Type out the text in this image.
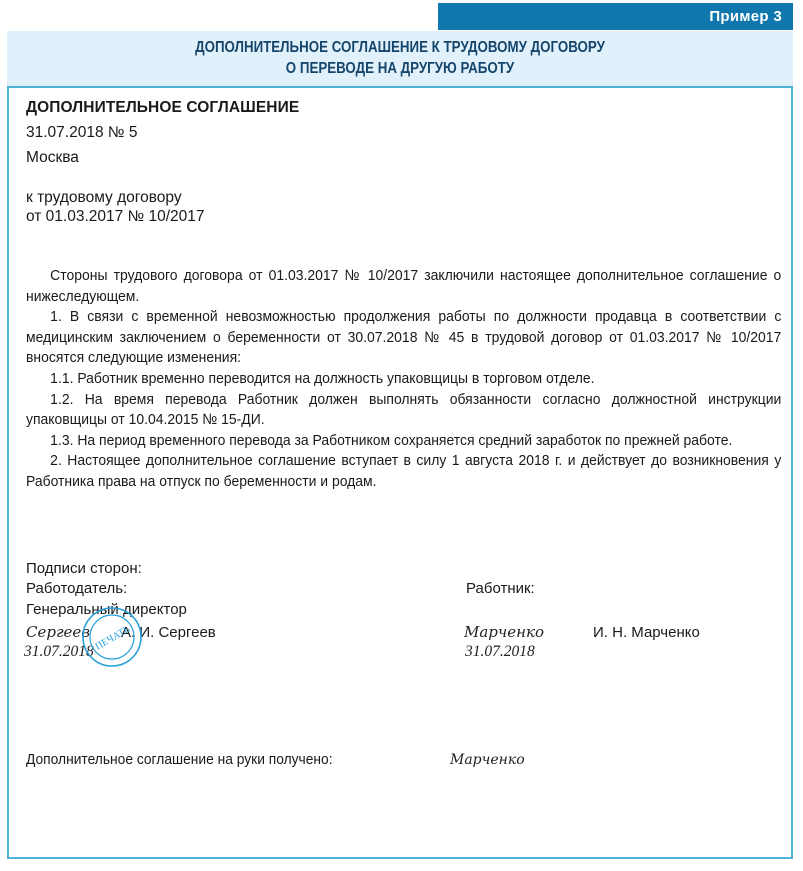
Пример 3
ДОПОЛНИТЕЛЬНОЕ СОГЛАШЕНИЕ К ТРУДОВОМУ ДОГОВОРУ
О ПЕРЕВОДЕ НА ДРУГУЮ РАБОТУ
ДОПОЛНИТЕЛЬНОЕ СОГЛАШЕНИЕ
31.07.2018 № 5
Москва
к трудовому договору
от 01.03.2017 № 10/2017

Стороны трудового договора от 01.03.2017 № 10/2017 заключили настоящее дополнительное соглашение о нижеследующем.

1. В связи с временной невозможностью продолжения работы по должности продавца в соответствии с медицинским заключением о беременности от 30.07.2018 № 45 в трудовой договор от 01.03.2017 № 10/2017 вносятся следующие изменения:

1.1. Работник временно переводится на должность упаковщицы в торговом отделе.

1.2. На время перевода Работник должен выполнять обязанности согласно должностной инструкции упаковщицы от 10.04.2015 № 15-ДИ.

1.3. На период временного перевода за Работником сохраняется средний заработок по прежней работе.

2. Настоящее дополнительное соглашение вступает в силу 1 августа 2018 г. и действует до возникновения у Работника права на отпуск по беременности и родам.

Подписи сторон:
Работодатель:
Генеральный директор
Сергеев А. И. Сергеев
31.07.2018 ПЕЧАТЬ
Работник:
Марченко	И. Н. Марченко
31.07.2018
Дополнительное соглашение на руки получено:	Марченко
